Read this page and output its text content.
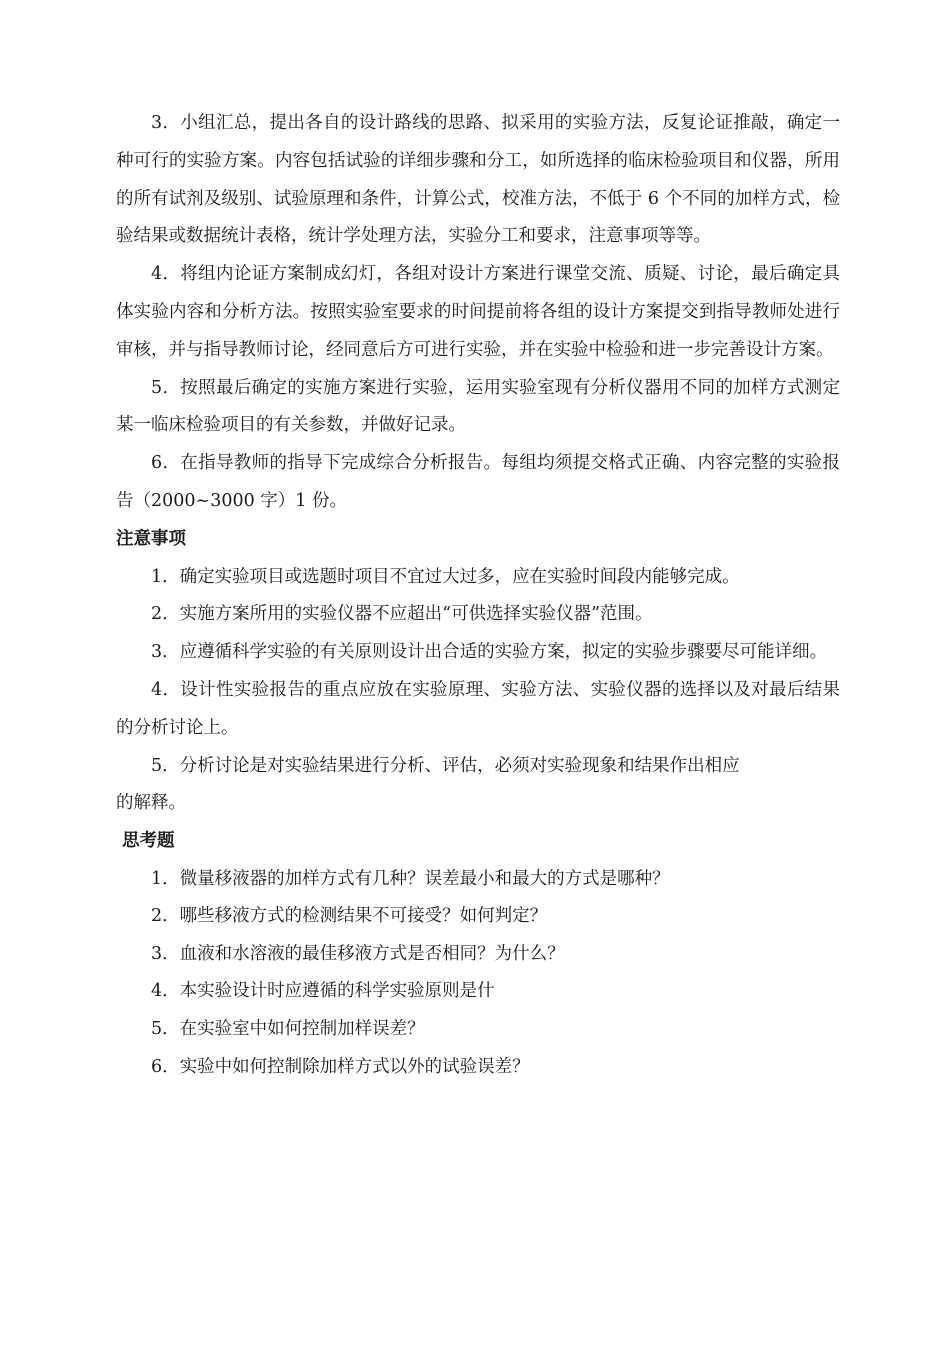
3．小组汇总，提出各自的设计路线的思路、拟采用的实验方法，反复论证推敲，确定一种可行的实验方案。内容包括试验的详细步骤和分工，如所选择的临床检验项目和仪器，所用的所有试剂及级别、试验原理和条件，计算公式，校准方法，不低于 6 个不同的加样方式，检验结果或数据统计表格，统计学处理方法，实验分工和要求，注意事项等等。

4．将组内论证方案制成幻灯，各组对设计方案进行课堂交流、质疑、讨论，最后确定具体实验内容和分析方法。按照实验室要求的时间提前将各组的设计方案提交到指导教师处进行审核，并与指导教师讨论，经同意后方可进行实验，并在实验中检验和进一步完善设计方案。

5．按照最后确定的实施方案进行实验，运用实验室现有分析仪器用不同的加样方式测定某一临床检验项目的有关参数，并做好记录。

6．在指导教师的指导下完成综合分析报告。每组均须提交格式正确、内容完整的实验报告（2000~3000 字）1 份。

注意事项

1．确定实验项目或选题时项目不宜过大过多，应在实验时间段内能够完成。

2．实施方案所用的实验仪器不应超出“可供选择实验仪器”范围。

3．应遵循科学实验的有关原则设计出合适的实验方案，拟定的实验步骤要尽可能详细。

4．设计性实验报告的重点应放在实验原理、实验方法、实验仪器的选择以及对最后结果的分析讨论上。

5．分析讨论是对实验结果进行分析、评估，必须对实验现象和结果作出相应

的解释。

思考题

1．微量移液器的加样方式有几种？误差最小和最大的方式是哪种？

2．哪些移液方式的检测结果不可接受？如何判定？

3．血液和水溶液的最佳移液方式是否相同？为什么？

4．本实验设计时应遵循的科学实验原则是什

5．在实验室中如何控制加样误差？

6．实验中如何控制除加样方式以外的试验误差？
